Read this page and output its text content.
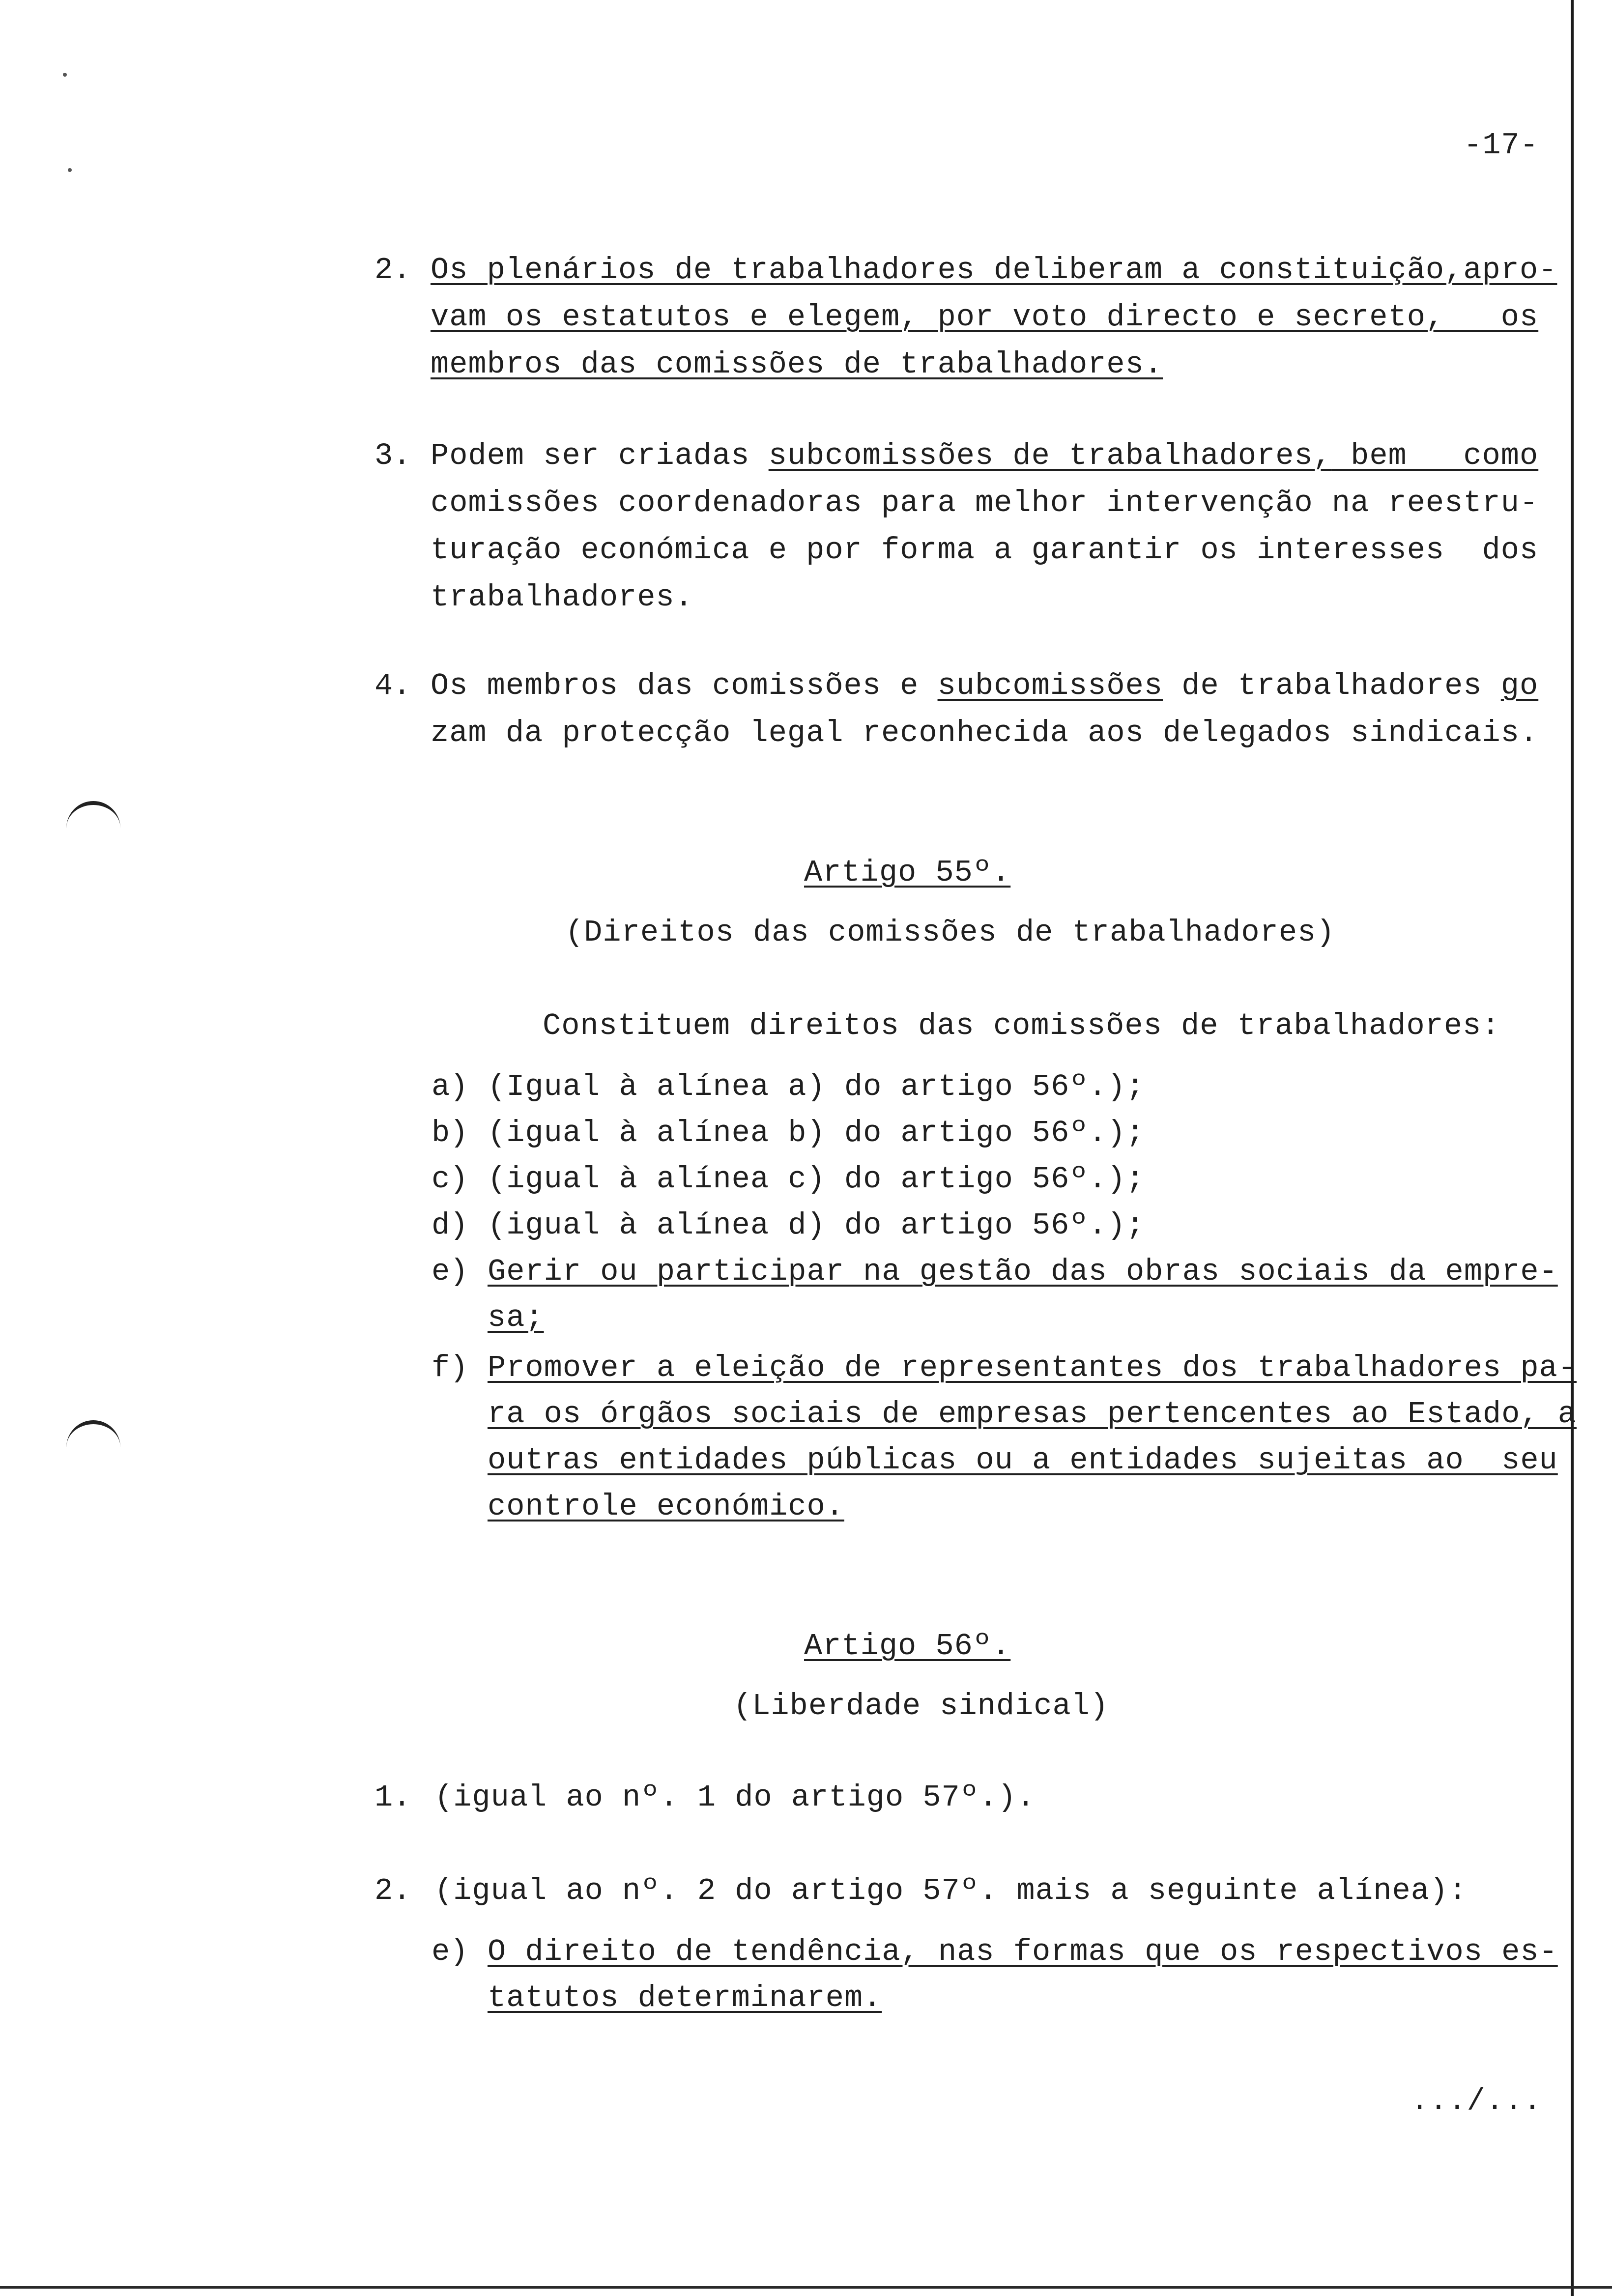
-17-
2. Os plenários de trabalhadores deliberam a constituição,apro-
vam os estatutos e elegem, por voto directo e secreto,   os
membros das comissões de trabalhadores.
3. Podem ser criadas subcomissões de trabalhadores, bem   como
comissões coordenadoras para melhor intervenção na reestru-
turação económica e por forma a garantir os interesses  dos
trabalhadores.
4. Os membros das comissões e subcomissões de trabalhadores go
zam da protecção legal reconhecida aos delegados sindicais.
Artigo 55º.
(Direitos das comissões de trabalhadores)
Constituem direitos das comissões de trabalhadores:
a) (Igual à alínea a) do artigo 56º.);
b) (igual à alínea b) do artigo 56º.);
c) (igual à alínea c) do artigo 56º.);
d) (igual à alínea d) do artigo 56º.);
e) Gerir ou participar na gestão das obras sociais da empre-
sa;
f) Promover a eleição de representantes dos trabalhadores pa-
ra os órgãos sociais de empresas pertencentes ao Estado, a
outras entidades públicas ou a entidades sujeitas ao  seu
controle económico.
Artigo 56º.
(Liberdade sindical)
1. (igual ao nº. 1 do artigo 57º.).
2. (igual ao nº. 2 do artigo 57º. mais a seguinte alínea):
e) O direito de tendência, nas formas que os respectivos es-
tatutos determinarem.
.../...
